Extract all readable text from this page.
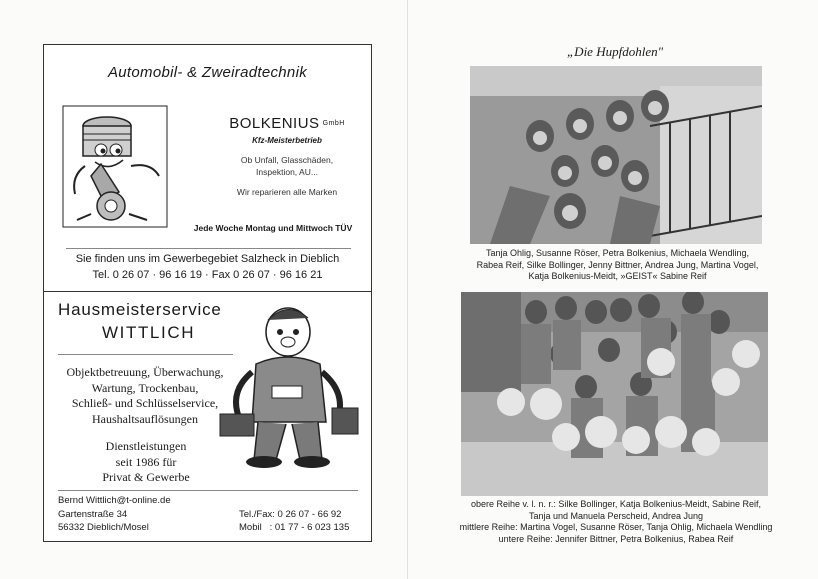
Automobil- & Zweiradtechnik
BOLKENIUS $^{GmbH}$
Kfz-Meisterbetrieb
Ob Unfall, Glasschäden,
Inspektion, AU...
Wir reparieren alle Marken
Jede Woche Montag und Mittwoch TÜV
Sie finden uns im Gewerbegebiet Salzheck in Dieblich
Tel. 0 26 07 · 96 16 19 · Fax 0 26 07 · 96 16 21
Hausmeisterservice
WITTLICH
Objektbetreuung, Überwachung,
Wartung, Trockenbau,
Schließ- und Schlüsselservice,
Haushaltsauflösungen
Dienstleistungen
seit 1986 für
Privat & Gewerbe
Bernd Wittlich@t-online.de
Gartenstraße 34
56332 Dieblich/Mosel
Tel./Fax: 0 26 07 - 66 92
Mobil   : 01 77 - 6 023 135
„Die Hupfdohlen"
Tanja Ohlig, Susanne Röser, Petra Bolkenius, Michaela Wendling,
Rabea Reif, Silke Bollinger, Jenny Bittner, Andrea Jung, Martina Vogel,
Katja Bolkenius-Meidt, »GEIST« Sabine Reif
obere Reihe v. l. n. r.: Silke Bollinger, Katja Bolkenius-Meidt, Sabine Reif,
Tanja und Manuela Perscheid, Andrea Jung
mittlere Reihe: Martina Vogel, Susanne Röser, Tanja Ohlig, Michaela Wendling
untere Reihe: Jennifer Bittner, Petra Bolkenius, Rabea Reif
